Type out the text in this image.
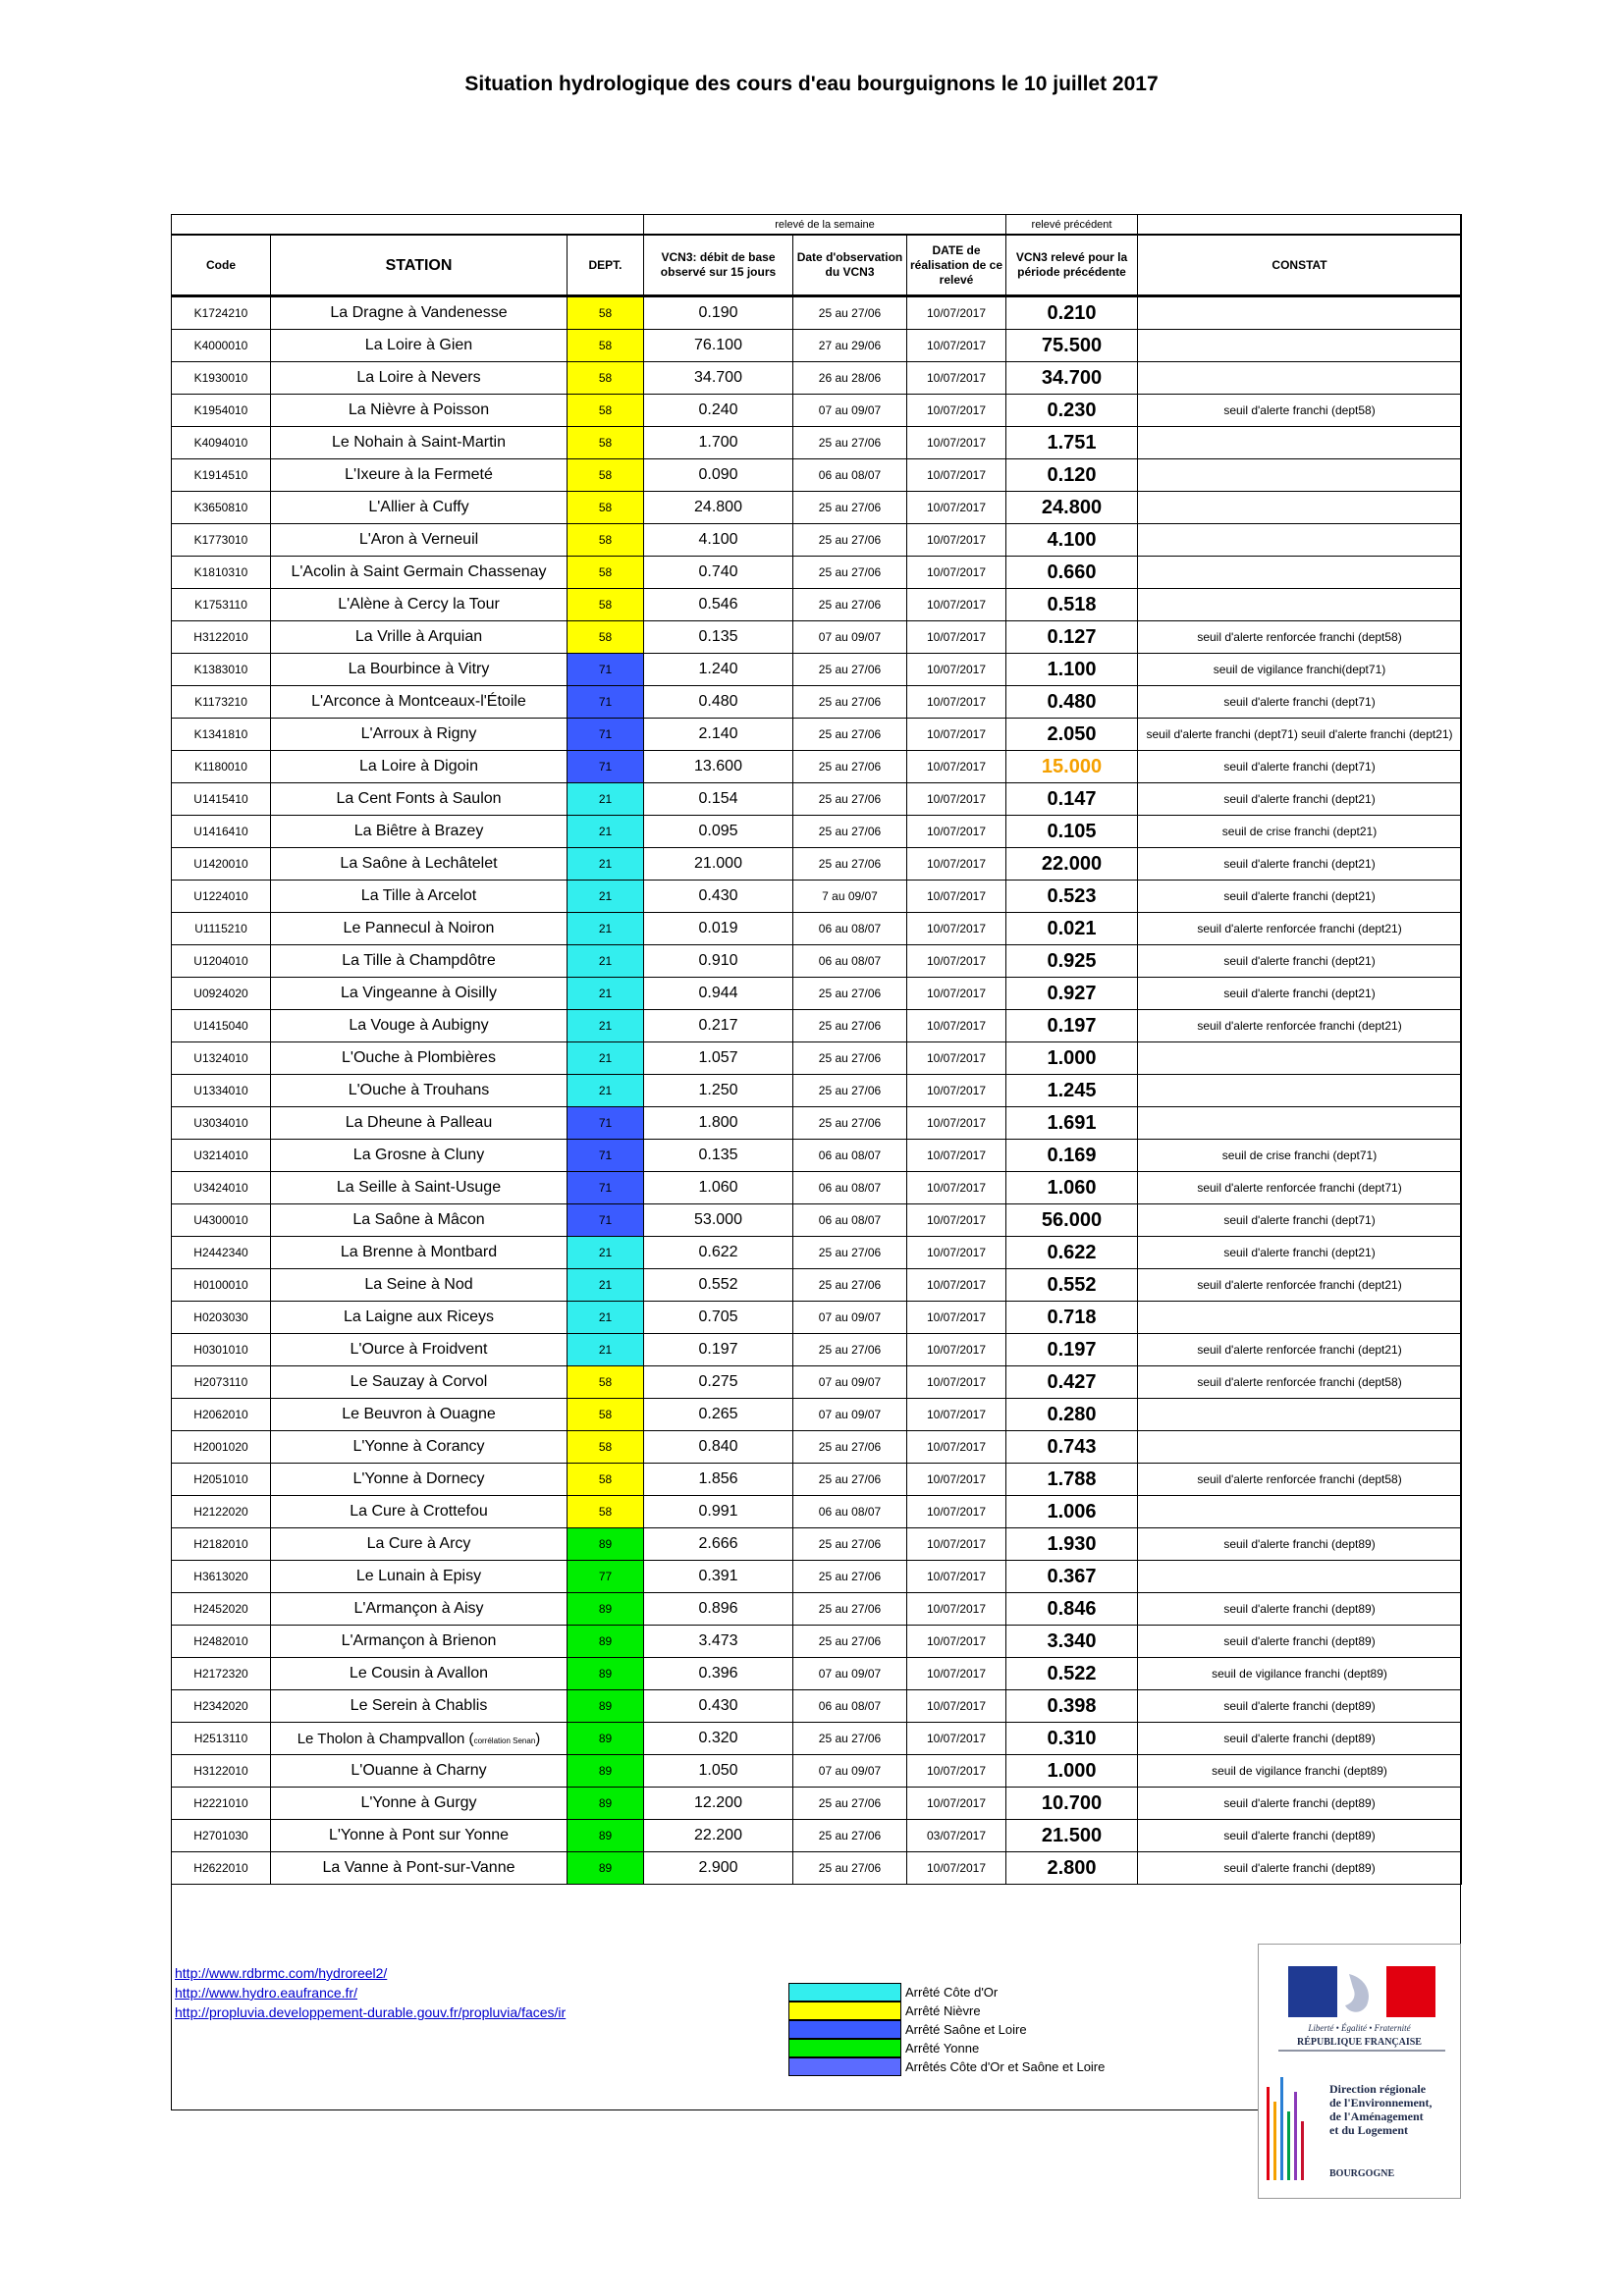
Situation hydrologique des cours d'eau bourguignons le 10 juillet 2017
			relevé de la semaine			relevé précédent	
Code	STATION	DEPT.	VCN3: débit de base observé sur 15 jours	Date d'observation du VCN3	DATE de réalisation de ce relevé	VCN3 relevé pour la période précédente	CONSTAT
K1724210	La Dragne à Vandenesse	58	0.190	25 au 27/06	10/07/2017	0.210	
K4000010	La Loire à Gien	58	76.100	27 au 29/06	10/07/2017	75.500	
K1930010	La Loire à Nevers	58	34.700	26 au 28/06	10/07/2017	34.700	
K1954010	La Nièvre à Poisson	58	0.240	07 au 09/07	10/07/2017	0.230	seuil d'alerte franchi (dept58)
K4094010	Le Nohain à Saint-Martin	58	1.700	25 au 27/06	10/07/2017	1.751	
K1914510	L'Ixeure à la Fermeté	58	0.090	06 au 08/07	10/07/2017	0.120	
K3650810	L'Allier à Cuffy	58	24.800	25 au 27/06	10/07/2017	24.800	
K1773010	L'Aron à Verneuil	58	4.100	25 au 27/06	10/07/2017	4.100	
K1810310	L'Acolin à Saint Germain Chassenay	58	0.740	25 au 27/06	10/07/2017	0.660	
K1753110	L'Alène à Cercy la Tour	58	0.546	25 au 27/06	10/07/2017	0.518	
H3122010	La Vrille à Arquian	58	0.135	07 au 09/07	10/07/2017	0.127	seuil d'alerte renforcée franchi (dept58)
K1383010	La Bourbince à Vitry	71	1.240	25 au 27/06	10/07/2017	1.100	seuil de vigilance franchi(dept71)
K1173210	L'Arconce à Montceaux-l'Étoile	71	0.480	25 au 27/06	10/07/2017	0.480	seuil d'alerte franchi (dept71)
K1341810	L'Arroux à Rigny	71	2.140	25 au 27/06	10/07/2017	2.050	seuil d'alerte franchi (dept71) seuil d'alerte franchi (dept21)
K1180010	La Loire à Digoin	71	13.600	25 au 27/06	10/07/2017	15.000	seuil d'alerte franchi (dept71)
U1415410	La Cent Fonts à Saulon	21	0.154	25 au 27/06	10/07/2017	0.147	seuil d'alerte franchi (dept21)
U1416410	La Biêtre à Brazey	21	0.095	25 au 27/06	10/07/2017	0.105	seuil de crise franchi (dept21)
U1420010	La Saône à Lechâtelet	21	21.000	25 au 27/06	10/07/2017	22.000	seuil d'alerte franchi (dept21)
U1224010	La Tille à Arcelot	21	0.430	7 au 09/07	10/07/2017	0.523	seuil d'alerte franchi (dept21)
U1115210	Le Pannecul à Noiron	21	0.019	06 au 08/07	10/07/2017	0.021	seuil d'alerte renforcée franchi (dept21)
U1204010	La Tille à Champdôtre	21	0.910	06 au 08/07	10/07/2017	0.925	seuil d'alerte franchi (dept21)
U0924020	La Vingeanne à Oisilly	21	0.944	25 au 27/06	10/07/2017	0.927	seuil d'alerte franchi (dept21)
U1415040	La Vouge à Aubigny	21	0.217	25 au 27/06	10/07/2017	0.197	seuil d'alerte renforcée franchi (dept21)
U1324010	L'Ouche à Plombières	21	1.057	25 au 27/06	10/07/2017	1.000	
U1334010	L'Ouche à Trouhans	21	1.250	25 au 27/06	10/07/2017	1.245	
U3034010	La Dheune à Palleau	71	1.800	25 au 27/06	10/07/2017	1.691	
U3214010	La Grosne à Cluny	71	0.135	06 au 08/07	10/07/2017	0.169	seuil de crise franchi (dept71)
U3424010	La Seille à Saint-Usuge	71	1.060	06 au 08/07	10/07/2017	1.060	seuil d'alerte renforcée franchi (dept71)
U4300010	La Saône à Mâcon	71	53.000	06 au 08/07	10/07/2017	56.000	seuil d'alerte franchi (dept71)
H2442340	La Brenne à Montbard	21	0.622	25 au 27/06	10/07/2017	0.622	seuil d'alerte franchi (dept21)
H0100010	La Seine à Nod	21	0.552	25 au 27/06	10/07/2017	0.552	seuil d'alerte renforcée franchi (dept21)
H0203030	La Laigne aux Riceys	21	0.705	07 au 09/07	10/07/2017	0.718	
H0301010	L'Ource à Froidvent	21	0.197	25 au 27/06	10/07/2017	0.197	seuil d'alerte renforcée franchi (dept21)
H2073110	Le Sauzay à Corvol	58	0.275	07 au 09/07	10/07/2017	0.427	seuil d'alerte renforcée franchi (dept58)
H2062010	Le Beuvron à Ouagne	58	0.265	07 au 09/07	10/07/2017	0.280	
H2001020	L'Yonne à Corancy	58	0.840	25 au 27/06	10/07/2017	0.743	
H2051010	L'Yonne à Dornecy	58	1.856	25 au 27/06	10/07/2017	1.788	seuil d'alerte renforcée franchi (dept58)
H2122020	La Cure à Crottefou	58	0.991	06 au 08/07	10/07/2017	1.006	
H2182010	La Cure à Arcy	89	2.666	25 au 27/06	10/07/2017	1.930	seuil d'alerte franchi (dept89)
H3613020	Le Lunain à Episy	77	0.391	25 au 27/06	10/07/2017	0.367	
H2452020	L'Armançon à Aisy	89	0.896	25 au 27/06	10/07/2017	0.846	seuil d'alerte franchi (dept89)
H2482010	L'Armançon à Brienon	89	3.473	25 au 27/06	10/07/2017	3.340	seuil d'alerte franchi (dept89)
H2172320	Le Cousin à Avallon	89	0.396	07 au 09/07	10/07/2017	0.522	seuil de vigilance franchi (dept89)
H2342020	Le Serein à Chablis	89	0.430	06 au 08/07	10/07/2017	0.398	seuil d'alerte franchi (dept89)
H2513110	Le Tholon à Champvallon (corrélation Senan)	89	0.320	25 au 27/06	10/07/2017	0.310	seuil d'alerte franchi (dept89)
H3122010	L'Ouanne à Charny	89	1.050	07 au 09/07	10/07/2017	1.000	seuil de vigilance franchi (dept89)
H2221010	L'Yonne à Gurgy	89	12.200	25 au 27/06	10/07/2017	10.700	seuil d'alerte franchi (dept89)
H2701030	L'Yonne à Pont sur Yonne	89	22.200	25 au 27/06	03/07/2017	21.500	seuil d'alerte franchi (dept89)
H2622010	La Vanne à Pont-sur-Vanne	89	2.900	25 au 27/06	10/07/2017	2.800	seuil d'alerte franchi (dept89)
http://www.rdbrmc.com/hydroreel2/
http://www.hydro.eaufrance.fr/
http://propluvia.developpement-durable.gouv.fr/propluvia/faces/ir
Arrêté Côte d'Or
Arrêté Nièvre
Arrêté Saône et Loire
Arrêté Yonne
Arrêtés Côte d'Or et Saône et Loire
Liberté • Égalité • Fraternité
RÉPUBLIQUE FRANÇAISE
Direction régionale
de l'Environnement,
de l'Aménagement
et du Logement
BOURGOGNE
